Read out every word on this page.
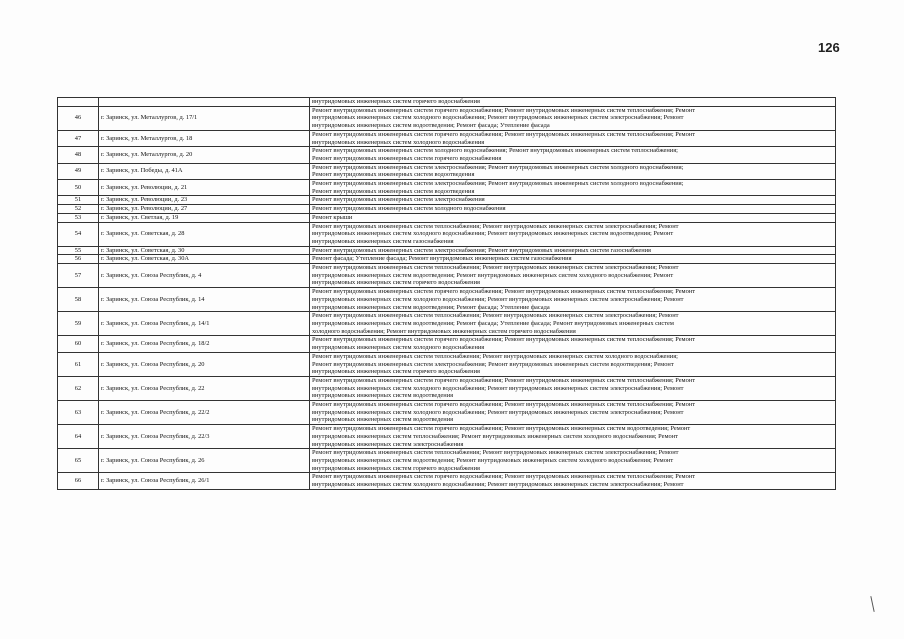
126

		внутридомовых инженерных систем горячего водоснабжения

46	г. Заринск, ул. Металлургов, д. 17/1	Ремонт внутридомовых инженерных систем горячего водоснабжения; Ремонт внутридомовых инженерных систем теплоснабжения; Ремонт
внутридомовых инженерных систем холодного водоснабжения; Ремонт внутридомовых инженерных систем электроснабжения; Ремонт
внутридомовых инженерных систем водоотведения; Ремонт фасада; Утепление фасада

47	г. Заринск, ул. Металлургов, д. 18	Ремонт внутридомовых инженерных систем горячего водоснабжения; Ремонт внутридомовых инженерных систем теплоснабжения; Ремонт
внутридомовых инженерных систем холодного водоснабжения

48	г. Заринск, ул. Металлургов, д. 20	Ремонт внутридомовых инженерных систем холодного водоснабжения; Ремонт внутридомовых инженерных систем теплоснабжения;
Ремонт внутридомовых инженерных систем горячего водоснабжения

49	г. Заринск, ул. Победы, д. 41А	Ремонт внутридомовых инженерных систем электроснабжения; Ремонт внутридомовых инженерных систем холодного водоснабжения;
Ремонт внутридомовых инженерных систем водоотведения

50	г. Заринск, ул. Революции, д. 21	Ремонт внутридомовых инженерных систем электроснабжения; Ремонт внутридомовых инженерных систем холодного водоснабжения;
Ремонт внутридомовых инженерных систем водоотведения

51	г. Заринск, ул. Революции, д. 23	Ремонт внутридомовых инженерных систем электроснабжения

52	г. Заринск, ул. Революции, д. 27	Ремонт внутридомовых инженерных систем холодного водоснабжения

53	г. Заринск, ул. Светлая, д. 19	Ремонт крыши

54	г. Заринск, ул. Советская, д. 28	Ремонт внутридомовых инженерных систем теплоснабжения; Ремонт внутридомовых инженерных систем электроснабжения; Ремонт
внутридомовых инженерных систем холодного водоснабжения; Ремонт внутридомовых инженерных систем водоотведения; Ремонт
внутридомовых инженерных систем газоснабжения

55	г. Заринск, ул. Советская, д. 30	Ремонт внутридомовых инженерных систем электроснабжения; Ремонт внутридомовых инженерных систем газоснабжения

56	г. Заринск, ул. Советская, д. 30А	Ремонт фасада; Утепление фасада; Ремонт внутридомовых инженерных систем газоснабжения

57	г. Заринск, ул. Союза Республик, д. 4	Ремонт внутридомовых инженерных систем теплоснабжения; Ремонт внутридомовых инженерных систем электроснабжения; Ремонт
внутридомовых инженерных систем водоотведения; Ремонт внутридомовых инженерных систем холодного водоснабжения; Ремонт
внутридомовых инженерных систем горячего водоснабжения

58	г. Заринск, ул. Союза Республик, д. 14	Ремонт внутридомовых инженерных систем горячего водоснабжения; Ремонт внутридомовых инженерных систем теплоснабжения; Ремонт
внутридомовых инженерных систем холодного водоснабжения; Ремонт внутридомовых инженерных систем электроснабжения; Ремонт
внутридомовых инженерных систем водоотведения; Ремонт фасада; Утепление фасада

59	г. Заринск, ул. Союза Республик, д. 14/1	Ремонт внутридомовых инженерных систем теплоснабжения; Ремонт внутридомовых инженерных систем электроснабжения; Ремонт
внутридомовых инженерных систем водоотведения; Ремонт фасада; Утепление фасада; Ремонт внутридомовых инженерных систем
холодного водоснабжения; Ремонт внутридомовых инженерных систем горячего водоснабжения

60	г. Заринск, ул. Союза Республик, д. 18/2	Ремонт внутридомовых инженерных систем горячего водоснабжения; Ремонт внутридомовых инженерных систем теплоснабжения; Ремонт
внутридомовых инженерных систем холодного водоснабжения

61	г. Заринск, ул. Союза Республик, д. 20	Ремонт внутридомовых инженерных систем теплоснабжения; Ремонт внутридомовых инженерных систем холодного водоснабжения;
Ремонт внутридомовых инженерных систем электроснабжения; Ремонт внутридомовых инженерных систем водоотведения; Ремонт
внутридомовых инженерных систем горячего водоснабжения

62	г. Заринск, ул. Союза Республик, д. 22	Ремонт внутридомовых инженерных систем горячего водоснабжения; Ремонт внутридомовых инженерных систем теплоснабжения; Ремонт
внутридомовых инженерных систем холодного водоснабжения; Ремонт внутридомовых инженерных систем электроснабжения; Ремонт
внутридомовых инженерных систем водоотведения

63	г. Заринск, ул. Союза Республик, д. 22/2	Ремонт внутридомовых инженерных систем горячего водоснабжения; Ремонт внутридомовых инженерных систем теплоснабжения; Ремонт
внутридомовых инженерных систем холодного водоснабжения; Ремонт внутридомовых инженерных систем электроснабжения; Ремонт
внутридомовых инженерных систем водоотведения

64	г. Заринск, ул. Союза Республик, д. 22/3	Ремонт внутридомовых инженерных систем горячего водоснабжения; Ремонт внутридомовых инженерных систем водоотведения; Ремонт
внутридомовых инженерных систем теплоснабжения; Ремонт внутридомовых инженерных систем холодного водоснабжения; Ремонт
внутридомовых инженерных систем электроснабжения

65	г. Заринск, ул. Союза Республик, д. 26	Ремонт внутридомовых инженерных систем теплоснабжения; Ремонт внутридомовых инженерных систем электроснабжения; Ремонт
внутридомовых инженерных систем водоотведения; Ремонт внутридомовых инженерных систем холодного водоснабжения; Ремонт
внутридомовых инженерных систем горячего водоснабжения

66	г. Заринск, ул. Союза Республик, д. 26/1	Ремонт внутридомовых инженерных систем горячего водоснабжения; Ремонт внутридомовых инженерных систем теплоснабжения; Ремонт
внутридомовых инженерных систем холодного водоснабжения; Ремонт внутридомовых инженерных систем электроснабжения; Ремонт
